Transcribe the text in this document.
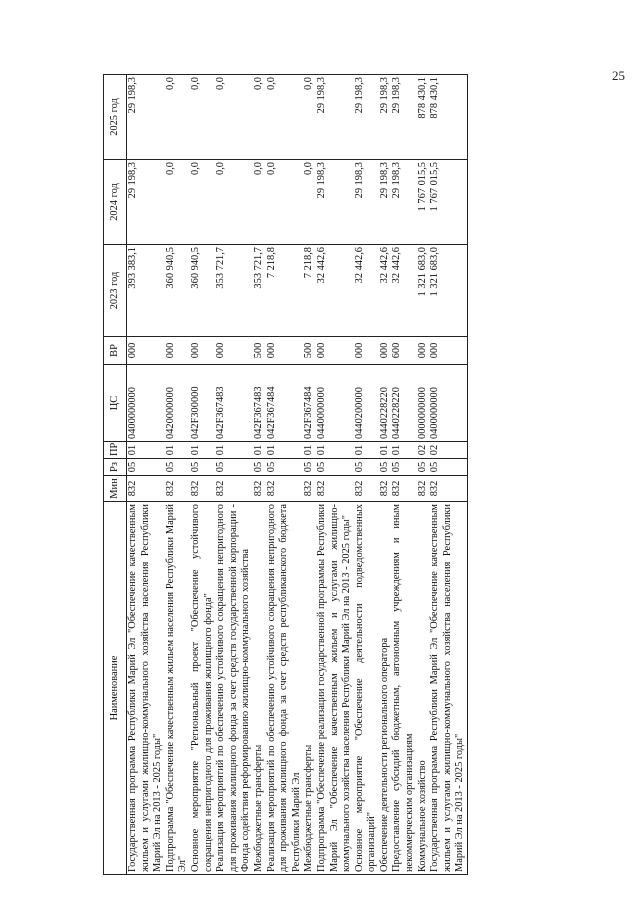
25
Наименование	Мин	Рз	ПР	ЦС	ВР	2023 год	2024 год	2025 год
Государственная программа Республики Марий Эл "Обеспечение качественным жильем и услугами жилищно-коммунального хозяйства населения Республики Марий Эл на 2013 - 2025 годы"	832	05	01	0400000000	000	393 383,1	29 198,3	29 198,3
Подпрограмма "Обеспечение качественным жильем населения Республики Марий Эл"	832	05	01	0420000000	000	360 940,5	0,0	0,0
Основное мероприятие "Региональный проект "Обеспечение устойчивого сокращения непригодного для проживания жилищного фонда"	832	05	01	042F300000	000	360 940,5	0,0	0,0
Реализация мероприятий по обеспечению устойчивого сокращения непригодного для проживания жилищного фонда за счет средств государственной корпорации - Фонда содействия реформированию жилищно-коммунального хозяйства	832	05	01	042F367483	000	353 721,7	0,0	0,0
Межбюджетные трансферты	832	05	01	042F367483	500	353 721,7	0,0	0,0
Реализация мероприятий по обеспечению устойчивого сокращения непригодного для проживания жилищного фонда за счет средств республиканского бюджета Республики Марий Эл	832	05	01	042F367484	000	7 218,8	0,0	0,0
Межбюджетные трансферты	832	05	01	042F367484	500	7 218,8	0,0	0,0
Подпрограмма "Обеспечение реализации государственной программы Республики Марий Эл "Обеспечение качественным жильем и услугами жилищно-коммунального хозяйства населения Республики Марий Эл на 2013 - 2025 годы"	832	05	01	0440000000	000	32 442,6	29 198,3	29 198,3
Основное мероприятие "Обеспечение деятельности подведомственных организаций"	832	05	01	0440200000	000	32 442,6	29 198,3	29 198,3
Обеспечение деятельности регионального оператора	832	05	01	0440228220	000	32 442,6	29 198,3	29 198,3
Предоставление субсидий бюджетным, автономным учреждениям и иным некоммерческим организациям	832	05	01	0440228220	600	32 442,6	29 198,3	29 198,3
Коммунальное хозяйство	832	05	02	0000000000	000	1 321 683,0	1 767 015,5	878 430,1
Государственная программа Республики Марий Эл "Обеспечение качественным жильем и услугами жилищно-коммунального хозяйства населения Республики Марий Эл на 2013 - 2025 годы"	832	05	02	0400000000	000	1 321 683,0	1 767 015,5	878 430,1
